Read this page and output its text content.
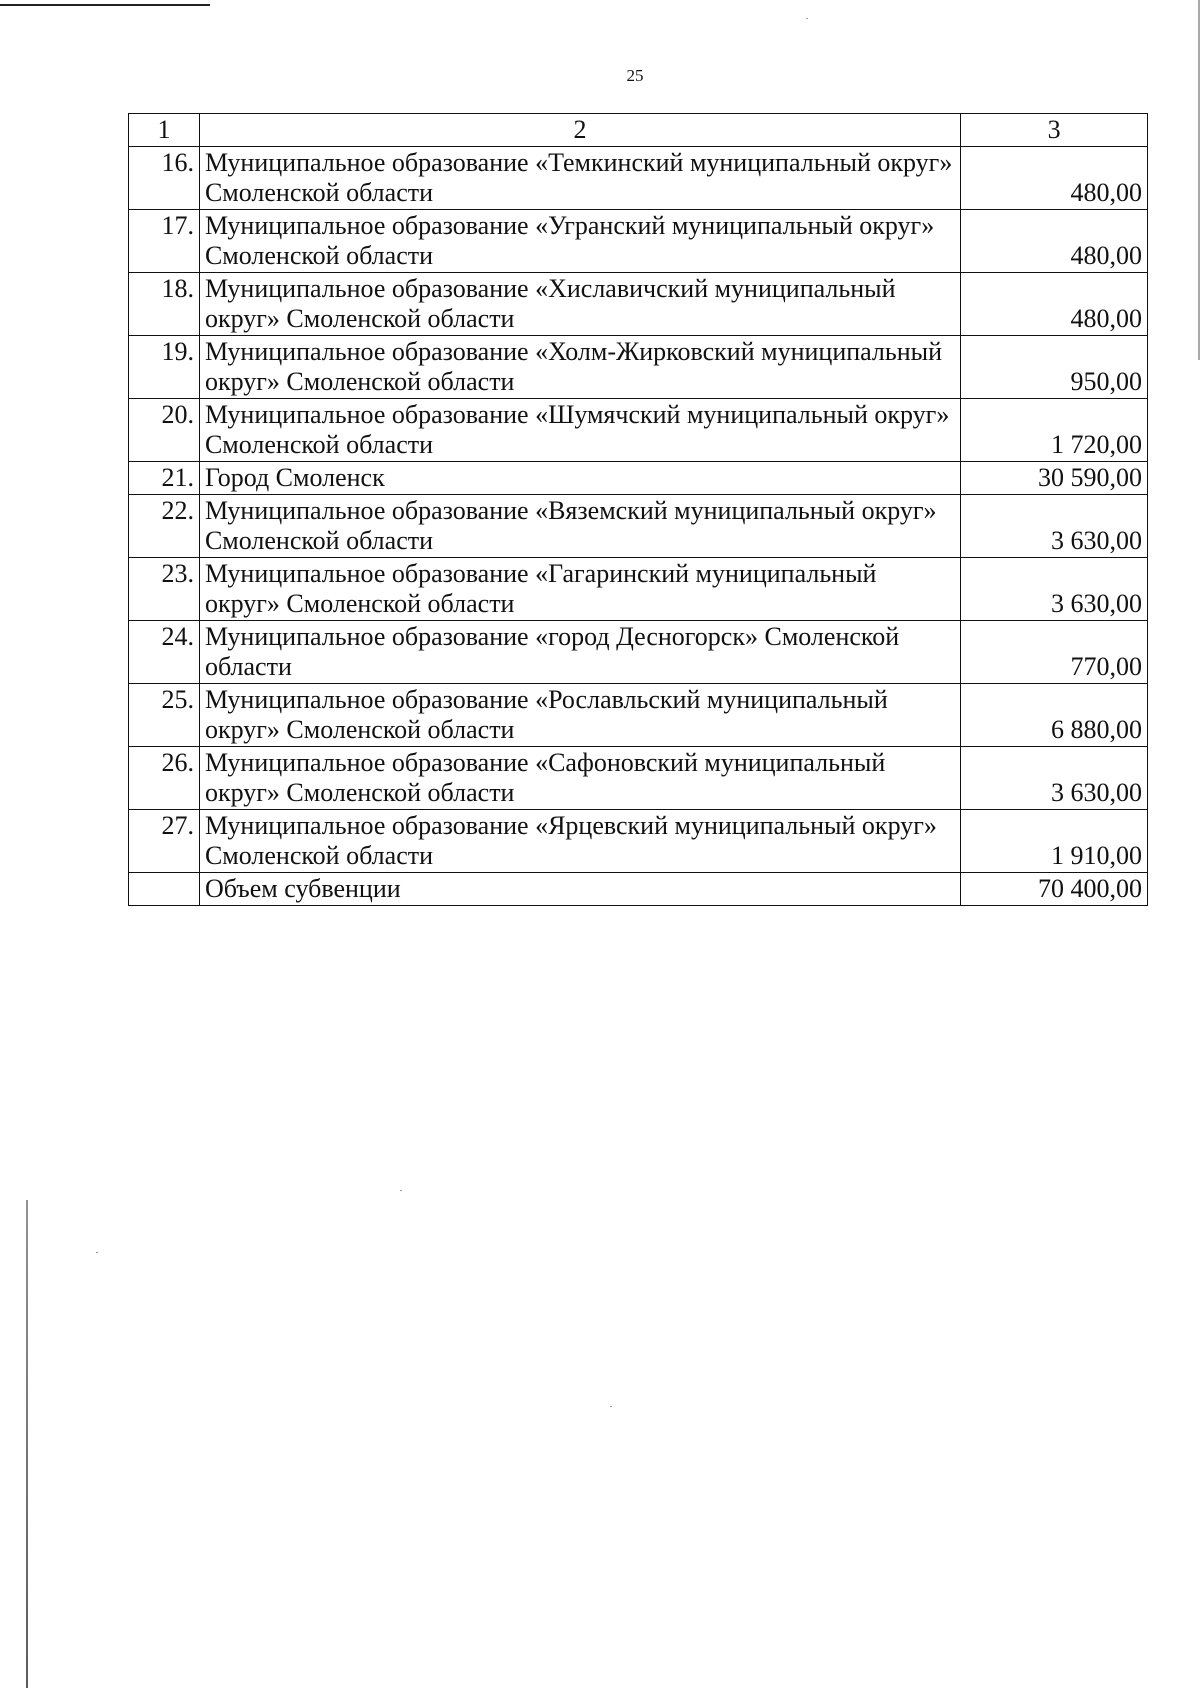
25
1	2	3
16.	Муниципальное образование «Темкинский муниципальный округ» Смоленской области	480,00
17.	Муниципальное образование «Угранский муниципальный округ» Смоленской области	480,00
18.	Муниципальное образование «Хиславичский муниципальный округ» Смоленской области	480,00
19.	Муниципальное образование «Холм-Жирковский муниципальный округ» Смоленской области	950,00
20.	Муниципальное образование «Шумячский муниципальный округ» Смоленской области	1 720,00
21.	Город Смоленск	30 590,00
22.	Муниципальное образование «Вяземский муниципальный округ» Смоленской области	3 630,00
23.	Муниципальное образование «Гагаринский муниципальный округ» Смоленской области	3 630,00
24.	Муниципальное образование «город Десногорск» Смоленской области	770,00
25.	Муниципальное образование «Рославльский муниципальный округ» Смоленской области	6 880,00
26.	Муниципальное образование «Сафоновский муниципальный округ» Смоленской области	3 630,00
27.	Муниципальное образование «Ярцевский муниципальный округ» Смоленской области	1 910,00
	Объем субвенции	70 400,00
